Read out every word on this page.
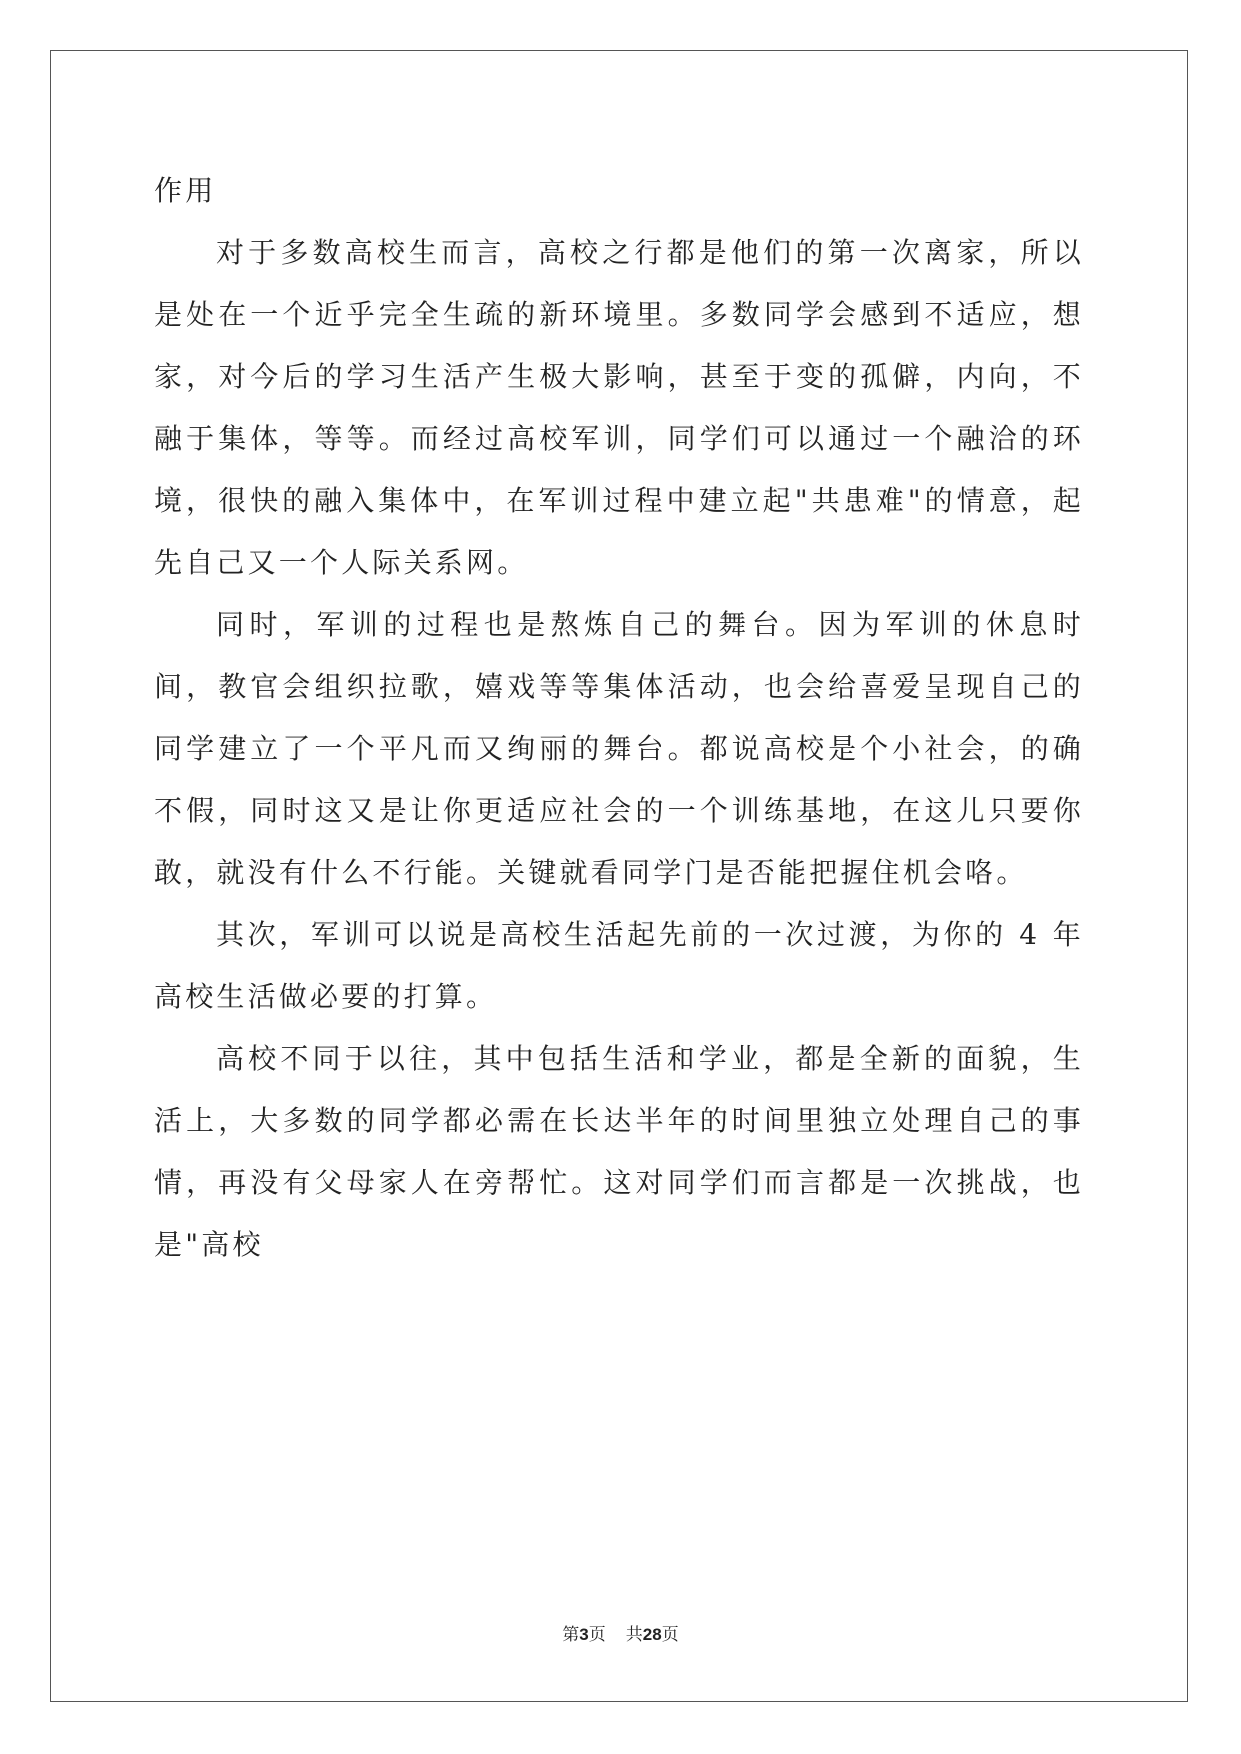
作用

对于多数高校生而言，高校之行都是他们的第一次离家，所以是处在一个近乎完全生疏的新环境里。多数同学会感到不适应，想家，对今后的学习生活产生极大影响，甚至于变的孤僻，内向，不融于集体，等等。而经过高校军训，同学们可以通过一个融洽的环境，很快的融入集体中，在军训过程中建立起"共患难"的情意，起先自己又一个人际关系网。

同时，军训的过程也是熬炼自己的舞台。因为军训的休息时间，教官会组织拉歌，嬉戏等等集体活动，也会给喜爱呈现自己的同学建立了一个平凡而又绚丽的舞台。都说高校是个小社会，的确不假，同时这又是让你更适应社会的一个训练基地，在这儿只要你敢，就没有什么不行能。关键就看同学门是否能把握住机会咯。

其次，军训可以说是高校生活起先前的一次过渡，为你的 4 年高校生活做必要的打算。

高校不同于以往，其中包括生活和学业，都是全新的面貌，生活上，大多数的同学都必需在长达半年的时间里独立处理自己的事情，再没有父母家人在旁帮忙。这对同学们而言都是一次挑战，也是"高校

第3页 共28页
